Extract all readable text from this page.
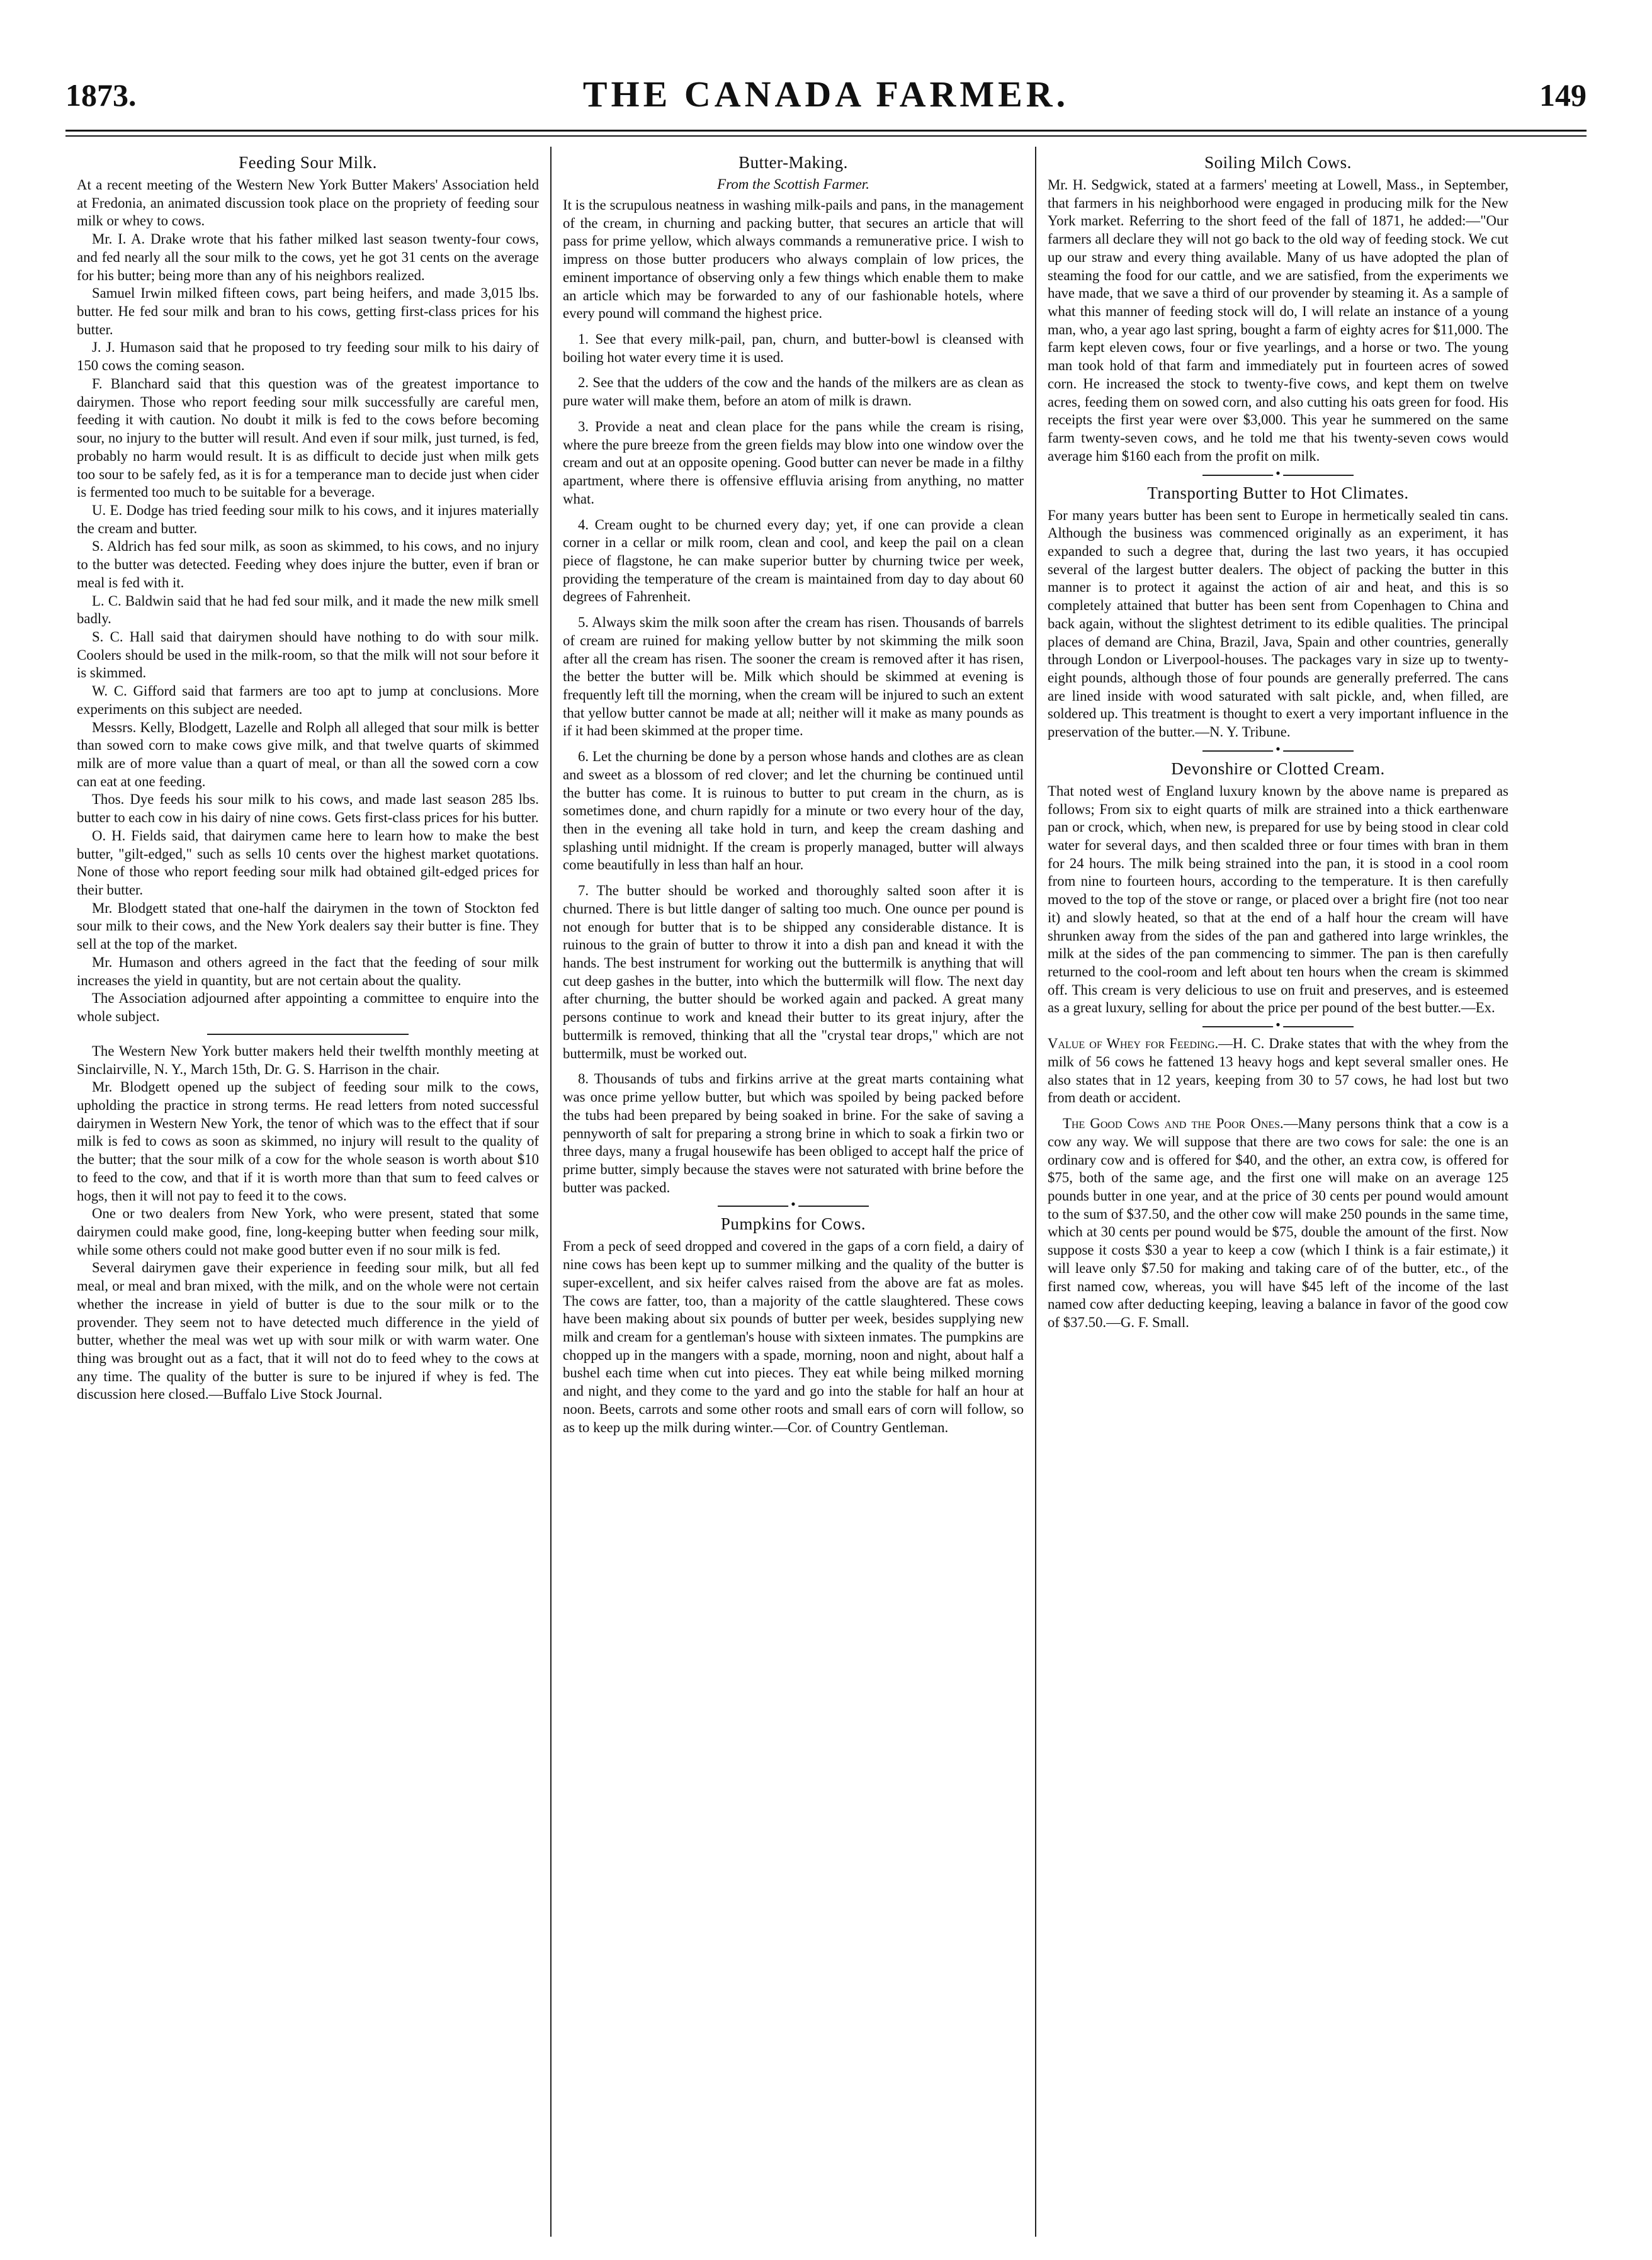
1873.	THE CANADA FARMER.	149
Feeding Sour Milk.

At a recent meeting of the Western New York Butter Makers' Association held at Fredonia, an animated discussion took place on the propriety of feeding sour milk or whey to cows.

Mr. I. A. Drake wrote that his father milked last season twenty-four cows, and fed nearly all the sour milk to the cows, yet he got 31 cents on the average for his butter; being more than any of his neighbors realized.

Samuel Irwin milked fifteen cows, part being heifers, and made 3,015 lbs. butter. He fed sour milk and bran to his cows, getting first-class prices for his butter.

J. J. Humason said that he proposed to try feeding sour milk to his dairy of 150 cows the coming season.

F. Blanchard said that this question was of the greatest importance to dairymen. Those who report feeding sour milk successfully are careful men, feeding it with caution. No doubt it milk is fed to the cows before becoming sour, no injury to the butter will result. And even if sour milk, just turned, is fed, probably no harm would result. It is as difficult to decide just when milk gets too sour to be safely fed, as it is for a temperance man to decide just when cider is fermented too much to be suitable for a beverage.

U. E. Dodge has tried feeding sour milk to his cows, and it injures materially the cream and butter.

S. Aldrich has fed sour milk, as soon as skimmed, to his cows, and no injury to the butter was detected. Feeding whey does injure the butter, even if bran or meal is fed with it.

L. C. Baldwin said that he had fed sour milk, and it made the new milk smell badly.

S. C. Hall said that dairymen should have nothing to do with sour milk. Coolers should be used in the milk-room, so that the milk will not sour before it is skimmed.

W. C. Gifford said that farmers are too apt to jump at conclusions. More experiments on this subject are needed.

Messrs. Kelly, Blodgett, Lazelle and Rolph all alleged that sour milk is better than sowed corn to make cows give milk, and that twelve quarts of skimmed milk are of more value than a quart of meal, or than all the sowed corn a cow can eat at one feeding.

Thos. Dye feeds his sour milk to his cows, and made last season 285 lbs. butter to each cow in his dairy of nine cows. Gets first-class prices for his butter.

O. H. Fields said, that dairymen came here to learn how to make the best butter, "gilt-edged," such as sells 10 cents over the highest market quotations. None of those who report feeding sour milk had obtained gilt-edged prices for their butter.

Mr. Blodgett stated that one-half the dairymen in the town of Stockton fed sour milk to their cows, and the New York dealers say their butter is fine. They sell at the top of the market.

Mr. Humason and others agreed in the fact that the feeding of sour milk increases the yield in quantity, but are not certain about the quality.

The Association adjourned after appointing a committee to enquire into the whole subject.

The Western New York butter makers held their twelfth monthly meeting at Sinclairville, N. Y., March 15th, Dr. G. S. Harrison in the chair.

Mr. Blodgett opened up the subject of feeding sour milk to the cows, upholding the practice in strong terms. He read letters from noted successful dairymen in Western New York, the tenor of which was to the effect that if sour milk is fed to cows as soon as skimmed, no injury will result to the quality of the butter; that the sour milk of a cow for the whole season is worth about $10 to feed to the cow, and that if it is worth more than that sum to feed calves or hogs, then it will not pay to feed it to the cows.

One or two dealers from New York, who were present, stated that some dairymen could make good, fine, long-keeping butter when feeding sour milk, while some others could not make good butter even if no sour milk is fed.

Several dairymen gave their experience in feeding sour milk, but all fed meal, or meal and bran mixed, with the milk, and on the whole were not certain whether the increase in yield of butter is due to the sour milk or to the provender. They seem not to have detected much difference in the yield of butter, whether the meal was wet up with sour milk or with warm water. One thing was brought out as a fact, that it will not do to feed whey to the cows at any time. The quality of the butter is sure to be injured if whey is fed. The discussion here closed.—Buffalo Live Stock Journal.

Butter-Making.
From the Scottish Farmer.

It is the scrupulous neatness in washing milk-pails and pans, in the management of the cream, in churning and packing butter, that secures an article that will pass for prime yellow, which always commands a remunerative price. I wish to impress on those butter producers who always complain of low prices, the eminent importance of observing only a few things which enable them to make an article which may be forwarded to any of our fashionable hotels, where every pound will command the highest price.

1. See that every milk-pail, pan, churn, and butter-bowl is cleansed with boiling hot water every time it is used.

2. See that the udders of the cow and the hands of the milkers are as clean as pure water will make them, before an atom of milk is drawn.

3. Provide a neat and clean place for the pans while the cream is rising, where the pure breeze from the green fields may blow into one window over the cream and out at an opposite opening. Good butter can never be made in a filthy apartment, where there is offensive effluvia arising from anything, no matter what.

4. Cream ought to be churned every day; yet, if one can provide a clean corner in a cellar or milk room, clean and cool, and keep the pail on a clean piece of flagstone, he can make superior butter by churning twice per week, providing the temperature of the cream is maintained from day to day about 60 degrees of Fahrenheit.

5. Always skim the milk soon after the cream has risen. Thousands of barrels of cream are ruined for making yellow butter by not skimming the milk soon after all the cream has risen. The sooner the cream is removed after it has risen, the better the butter will be. Milk which should be skimmed at evening is frequently left till the morning, when the cream will be injured to such an extent that yellow butter cannot be made at all; neither will it make as many pounds as if it had been skimmed at the proper time.

6. Let the churning be done by a person whose hands and clothes are as clean and sweet as a blossom of red clover; and let the churning be continued until the butter has come. It is ruinous to butter to put cream in the churn, as is sometimes done, and churn rapidly for a minute or two every hour of the day, then in the evening all take hold in turn, and keep the cream dashing and splashing until midnight. If the cream is properly managed, butter will always come beautifully in less than half an hour.

7. The butter should be worked and thoroughly salted soon after it is churned. There is but little danger of salting too much. One ounce per pound is not enough for butter that is to be shipped any considerable distance. It is ruinous to the grain of butter to throw it into a dish pan and knead it with the hands. The best instrument for working out the buttermilk is anything that will cut deep gashes in the butter, into which the buttermilk will flow. The next day after churning, the butter should be worked again and packed. A great many persons continue to work and knead their butter to its great injury, after the buttermilk is removed, thinking that all the "crystal tear drops," which are not buttermilk, must be worked out.

8. Thousands of tubs and firkins arrive at the great marts containing what was once prime yellow butter, but which was spoiled by being packed before the tubs had been prepared by being soaked in brine. For the sake of saving a pennyworth of salt for preparing a strong brine in which to soak a firkin two or three days, many a frugal housewife has been obliged to accept half the price of prime butter, simply because the staves were not saturated with brine before the butter was packed.

•
Pumpkins for Cows.

From a peck of seed dropped and covered in the gaps of a corn field, a dairy of nine cows has been kept up to summer milking and the quality of the butter is super-excellent, and six heifer calves raised from the above are fat as moles. The cows are fatter, too, than a majority of the cattle slaughtered. These cows have been making about six pounds of butter per week, besides supplying new milk and cream for a gentleman's house with sixteen inmates. The pumpkins are chopped up in the mangers with a spade, morning, noon and night, about half a bushel each time when cut into pieces. They eat while being milked morning and night, and they come to the yard and go into the stable for half an hour at noon. Beets, carrots and some other roots and small ears of corn will follow, so as to keep up the milk during winter.—Cor. of Country Gentleman.

Soiling Milch Cows.

Mr. H. Sedgwick, stated at a farmers' meeting at Lowell, Mass., in September, that farmers in his neighborhood were engaged in producing milk for the New York market. Referring to the short feed of the fall of 1871, he added:—"Our farmers all declare they will not go back to the old way of feeding stock. We cut up our straw and every thing available. Many of us have adopted the plan of steaming the food for our cattle, and we are satisfied, from the experiments we have made, that we save a third of our provender by steaming it. As a sample of what this manner of feeding stock will do, I will relate an instance of a young man, who, a year ago last spring, bought a farm of eighty acres for $11,000. The farm kept eleven cows, four or five yearlings, and a horse or two. The young man took hold of that farm and immediately put in fourteen acres of sowed corn. He increased the stock to twenty-five cows, and kept them on twelve acres, feeding them on sowed corn, and also cutting his oats green for food. His receipts the first year were over $3,000. This year he summered on the same farm twenty-seven cows, and he told me that his twenty-seven cows would average him $160 each from the profit on milk.

•
Transporting Butter to Hot Climates.

For many years butter has been sent to Europe in hermetically sealed tin cans. Although the business was commenced originally as an experiment, it has expanded to such a degree that, during the last two years, it has occupied several of the largest butter dealers. The object of packing the butter in this manner is to protect it against the action of air and heat, and this is so completely attained that butter has been sent from Copenhagen to China and back again, without the slightest detriment to its edible qualities. The principal places of demand are China, Brazil, Java, Spain and other countries, generally through London or Liverpool-houses. The packages vary in size up to twenty-eight pounds, although those of four pounds are generally preferred. The cans are lined inside with wood saturated with salt pickle, and, when filled, are soldered up. This treatment is thought to exert a very important influence in the preservation of the butter.—N. Y. Tribune.

•
Devonshire or Clotted Cream.

That noted west of England luxury known by the above name is prepared as follows; From six to eight quarts of milk are strained into a thick earthenware pan or crock, which, when new, is prepared for use by being stood in clear cold water for several days, and then scalded three or four times with bran in them for 24 hours. The milk being strained into the pan, it is stood in a cool room from nine to fourteen hours, according to the temperature. It is then carefully moved to the top of the stove or range, or placed over a bright fire (not too near it) and slowly heated, so that at the end of a half hour the cream will have shrunken away from the sides of the pan and gathered into large wrinkles, the milk at the sides of the pan commencing to simmer. The pan is then carefully returned to the cool-room and left about ten hours when the cream is skimmed off. This cream is very delicious to use on fruit and preserves, and is esteemed as a great luxury, selling for about the price per pound of the best butter.—Ex.

•

Value of Whey for Feeding.—H. C. Drake states that with the whey from the milk of 56 cows he fattened 13 heavy hogs and kept several smaller ones. He also states that in 12 years, keeping from 30 to 57 cows, he had lost but two from death or accident.

The Good Cows and the Poor Ones.—Many persons think that a cow is a cow any way. We will suppose that there are two cows for sale: the one is an ordinary cow and is offered for $40, and the other, an extra cow, is offered for $75, both of the same age, and the first one will make on an average 125 pounds butter in one year, and at the price of 30 cents per pound would amount to the sum of $37.50, and the other cow will make 250 pounds in the same time, which at 30 cents per pound would be $75, double the amount of the first. Now suppose it costs $30 a year to keep a cow (which I think is a fair estimate,) it will leave only $7.50 for making and taking care of of the butter, etc., of the first named cow, whereas, you will have $45 left of the income of the last named cow after deducting keeping, leaving a balance in favor of the good cow of $37.50.—G. F. Small.
